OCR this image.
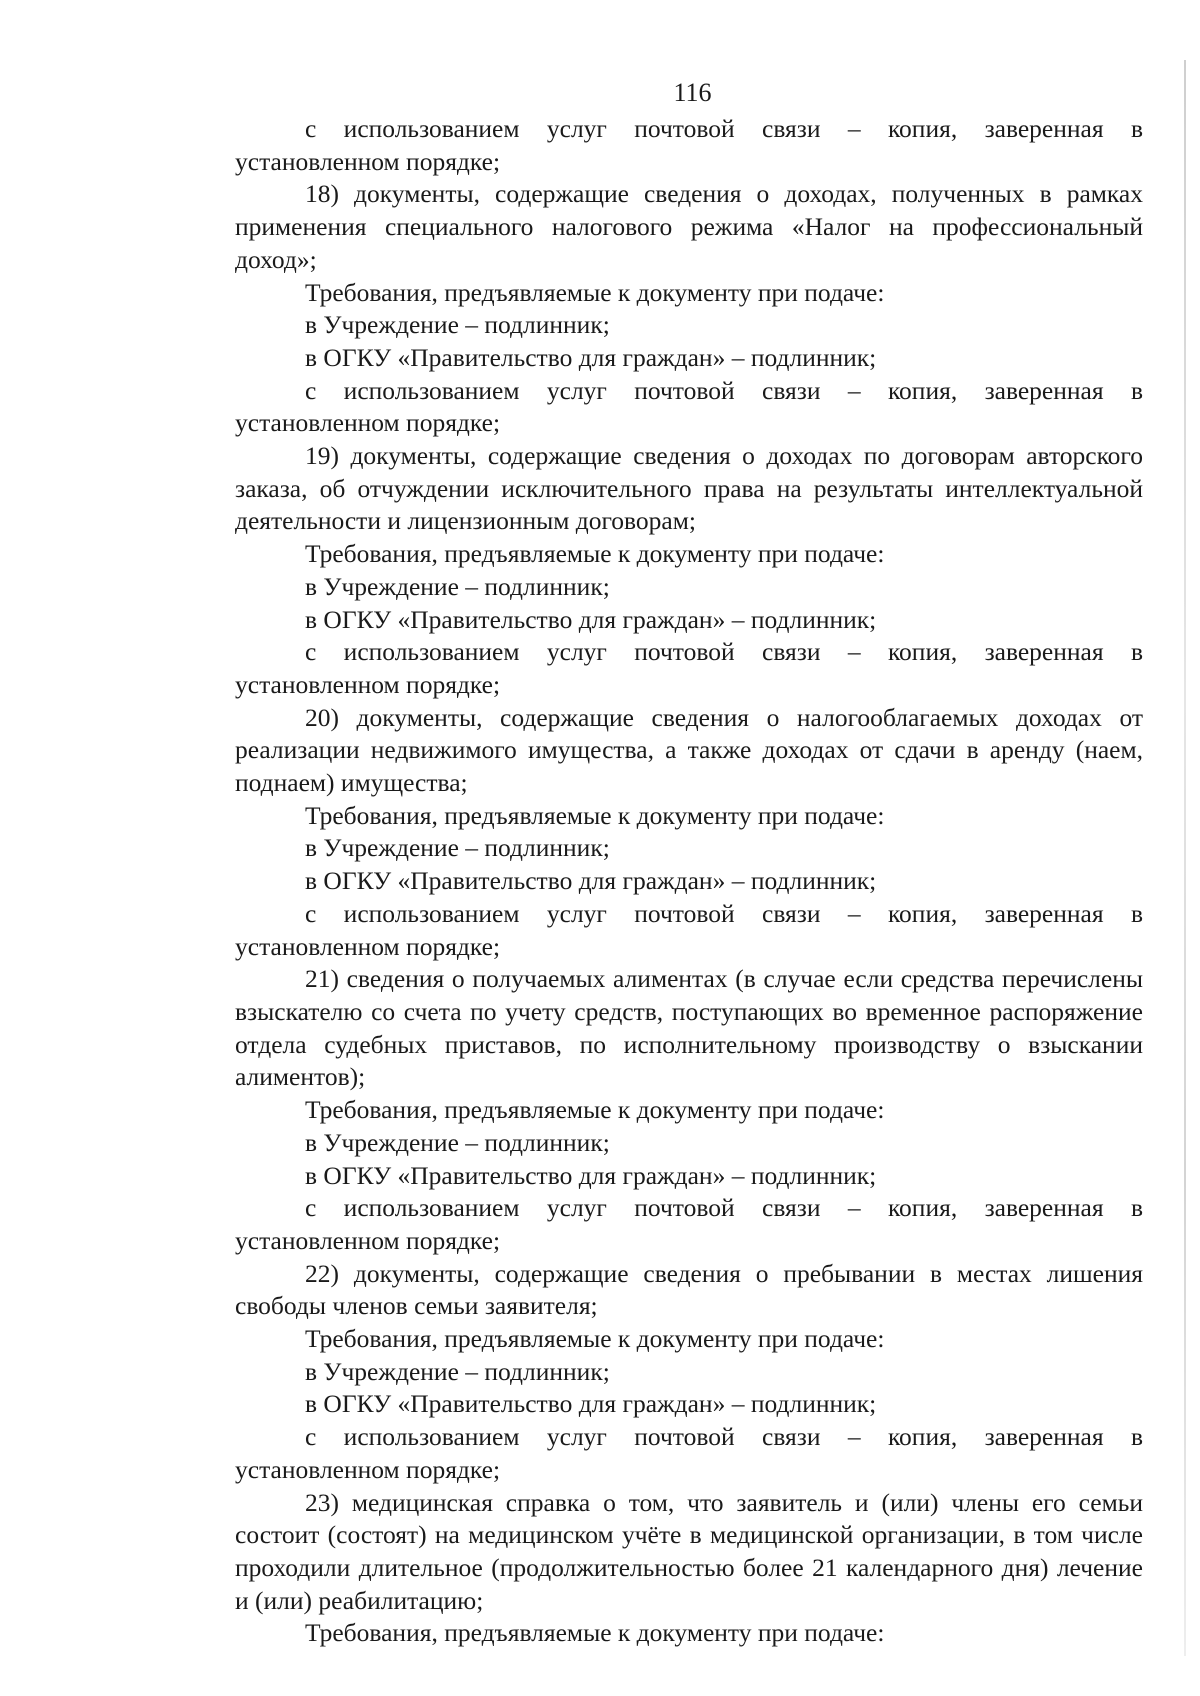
116

с использованием услуг почтовой связи – копия, заверенная в установленном порядке;

18) документы, содержащие сведения о доходах, полученных в рамках применения специального налогового режима «Налог на профессиональный доход»;

Требования, предъявляемые к документу при подаче:

в Учреждение – подлинник;

в ОГКУ «Правительство для граждан» – подлинник;

с использованием услуг почтовой связи – копия, заверенная в установленном порядке;

19) документы, содержащие сведения о доходах по договорам авторского заказа, об отчуждении исключительного права на результаты интеллектуальной деятельности и лицензионным договорам;

Требования, предъявляемые к документу при подаче:

в Учреждение – подлинник;

в ОГКУ «Правительство для граждан» – подлинник;

с использованием услуг почтовой связи – копия, заверенная в установленном порядке;

20) документы, содержащие сведения о налогооблагаемых доходах от реализации недвижимого имущества, а также доходах от сдачи в аренду (наем, поднаем) имущества;

Требования, предъявляемые к документу при подаче:

в Учреждение – подлинник;

в ОГКУ «Правительство для граждан» – подлинник;

с использованием услуг почтовой связи – копия, заверенная в установленном порядке;

21) сведения о получаемых алиментах (в случае если средства перечислены взыскателю со счета по учету средств, поступающих во временное распоряжение отдела судебных приставов, по исполнительному производству о взыскании алиментов);

Требования, предъявляемые к документу при подаче:

в Учреждение – подлинник;

в ОГКУ «Правительство для граждан» – подлинник;

с использованием услуг почтовой связи – копия, заверенная в установленном порядке;

22) документы, содержащие сведения о пребывании в местах лишения свободы членов семьи заявителя;

Требования, предъявляемые к документу при подаче:

в Учреждение – подлинник;

в ОГКУ «Правительство для граждан» – подлинник;

с использованием услуг почтовой связи – копия, заверенная в установленном порядке;

23) медицинская справка о том, что заявитель и (или) члены его семьи состоит (состоят) на медицинском учёте в медицинской организации, в том числе проходили длительное (продолжительностью более 21 календарного дня) лечение и (или) реабилитацию;

Требования, предъявляемые к документу при подаче:
